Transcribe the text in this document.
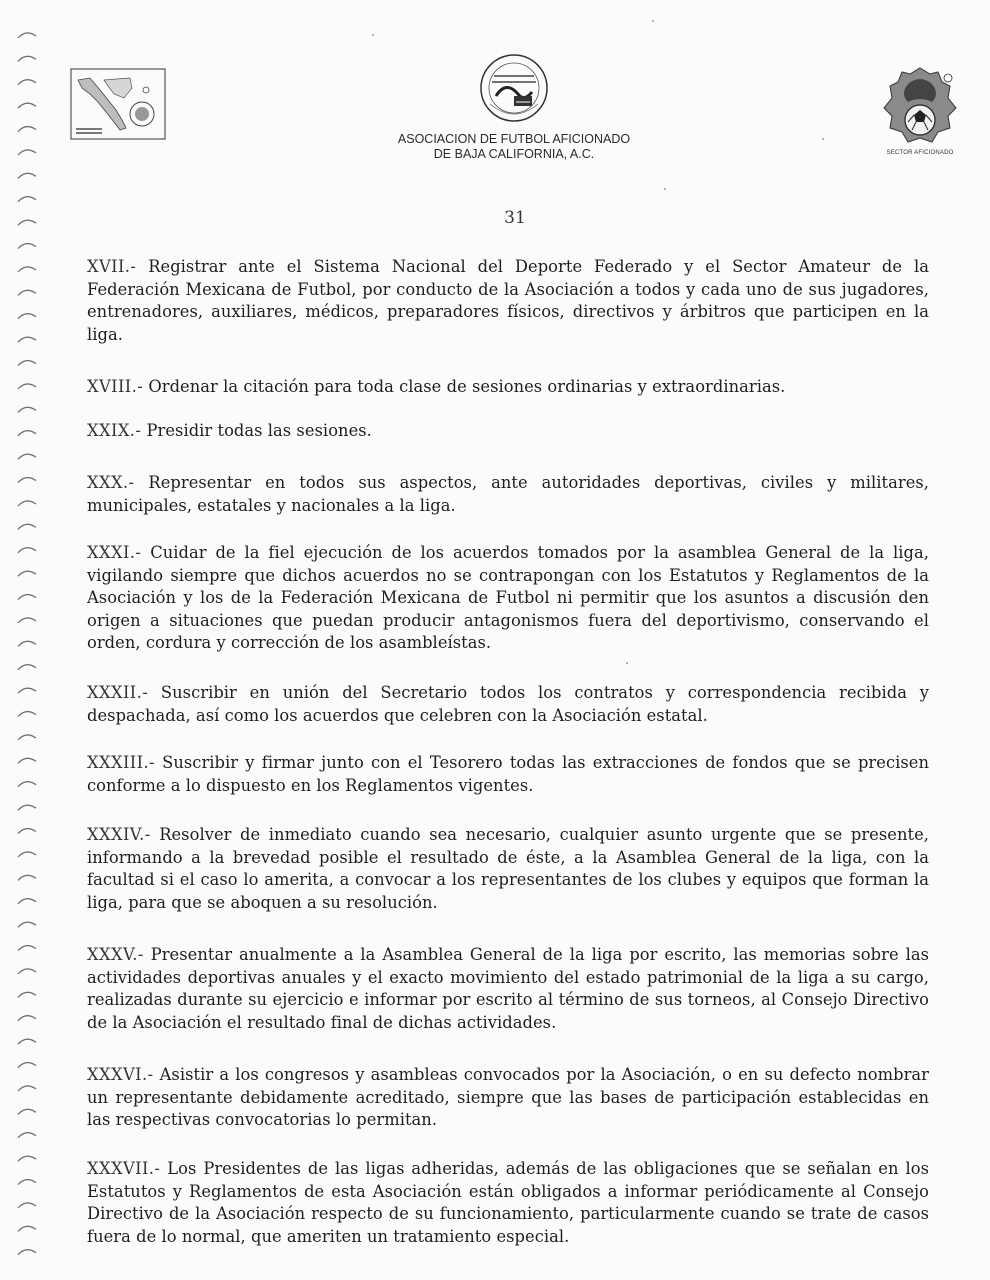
SECTOR AFICIONADO
ASOCIACION DE FUTBOL AFICIONADO
DE BAJA CALIFORNIA, A.C.
31

XVII.- Registrar ante el Sistema Nacional del Deporte Federado y el Sector Amateur de la Federación Mexicana de Futbol, por conducto de la Asociación a todos y cada uno de sus jugadores, entrenadores, auxiliares, médicos, preparadores físicos, directivos y árbitros que participen en la liga.

XVIII.- Ordenar la citación para toda clase de sesiones ordinarias y extraordinarias.

XXIX.- Presidir todas las sesiones.

XXX.- Representar en todos sus aspectos, ante autoridades deportivas, civiles y militares, municipales, estatales y nacionales a la liga.

XXXI.- Cuidar de la fiel ejecución de los acuerdos tomados por la asamblea General de la liga, vigilando siempre que dichos acuerdos no se contrapongan con los Estatutos y Reglamentos de la Asociación y los de la Federación Mexicana de Futbol ni permitir que los asuntos a discusión den origen a situaciones que puedan producir antagonismos fuera del deportivismo, conservando el orden, cordura y corrección de los asambleístas.

XXXII.- Suscribir en unión del Secretario todos los contratos y correspondencia recibida y despachada, así como los acuerdos que celebren con la Asociación estatal.

XXXIII.- Suscribir y firmar junto con el Tesorero todas las extracciones de fondos que se precisen conforme a lo dispuesto en los Reglamentos vigentes.

XXXIV.- Resolver de inmediato cuando sea necesario, cualquier asunto urgente que se presente, informando a la brevedad posible el resultado de éste, a la Asamblea General de la liga, con la facultad si el caso lo amerita, a convocar a los representantes de los clubes y equipos que forman la liga, para que se aboquen a su resolución.

XXXV.- Presentar anualmente a la Asamblea General de la liga por escrito, las memorias sobre las actividades deportivas anuales y el exacto movimiento del estado patrimonial de la liga a su cargo, realizadas durante su ejercicio e informar por escrito al término de sus torneos, al Consejo Directivo de la Asociación el resultado final de dichas actividades.

XXXVI.- Asistir a los congresos y asambleas convocados por la Asociación, o en su defecto nombrar un representante debidamente acreditado, siempre que las bases de participación establecidas en las respectivas convocatorias lo permitan.

XXXVII.- Los Presidentes de las ligas adheridas, además de las obligaciones que se señalan en los Estatutos y Reglamentos de esta Asociación están obligados a informar periódicamente al Consejo Directivo de la Asociación respecto de su funcionamiento, particularmente cuando se trate de casos fuera de lo normal, que ameriten un tratamiento especial.
